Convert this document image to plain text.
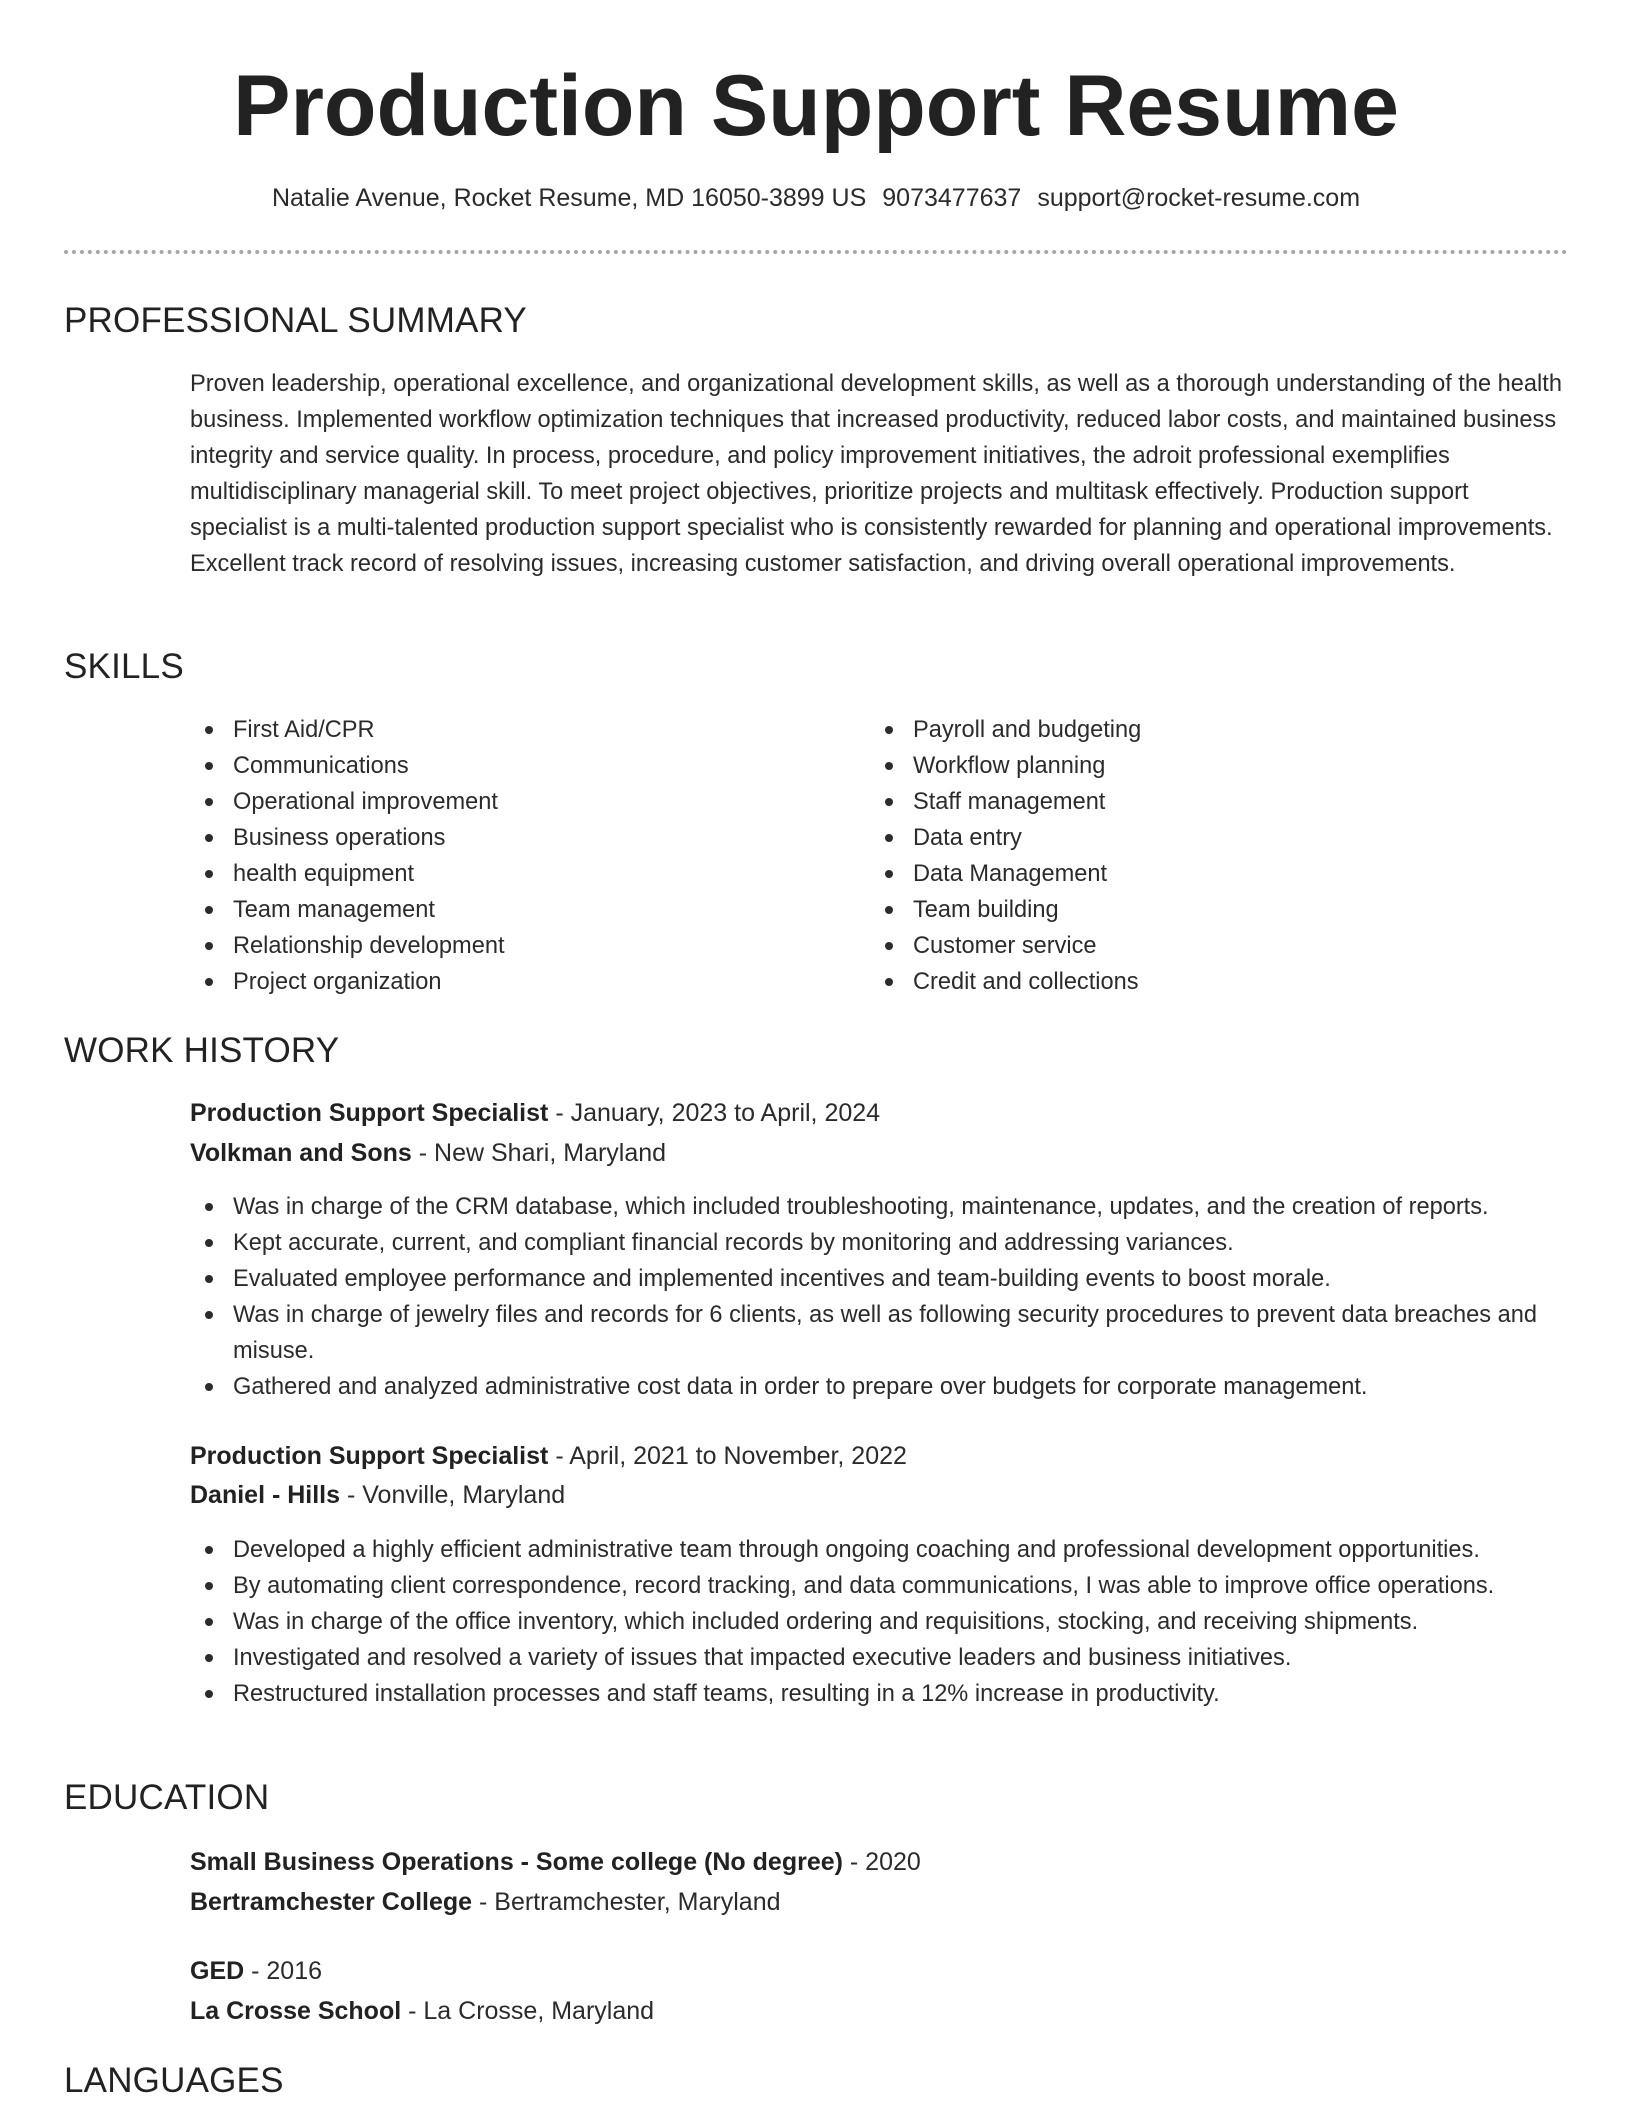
Production Support Resume
Natalie Avenue, Rocket Resume, MD 16050-3899 US 9073477637 support@rocket-resume.com
PROFESSIONAL SUMMARY

Proven leadership, operational excellence, and organizational development skills, as well as a thorough understanding of the health business. Implemented workflow optimization techniques that increased productivity, reduced labor costs, and maintained business integrity and service quality. In process, procedure, and policy improvement initiatives, the adroit professional exemplifies multidisciplinary managerial skill. To meet project objectives, prioritize projects and multitask effectively. Production support specialist is a multi-talented production support specialist who is consistently rewarded for planning and operational improvements. Excellent track record of resolving issues, increasing customer satisfaction, and driving overall operational improvements.

SKILLS
First Aid/CPR
Communications
Operational improvement
Business operations
health equipment
Team management
Relationship development
Project organization
Payroll and budgeting
Workflow planning
Staff management
Data entry
Data Management
Team building
Customer service
Credit and collections
WORK HISTORY
Production Support Specialist - January, 2023 to April, 2024
Volkman and Sons - New Shari, Maryland
Was in charge of the CRM database, which included troubleshooting, maintenance, updates, and the creation of reports.
Kept accurate, current, and compliant financial records by monitoring and addressing variances.
Evaluated employee performance and implemented incentives and team-building events to boost morale.
Was in charge of jewelry files and records for 6 clients, as well as following security procedures to prevent data breaches and misuse.
Gathered and analyzed administrative cost data in order to prepare over budgets for corporate management.
Production Support Specialist - April, 2021 to November, 2022
Daniel - Hills - Vonville, Maryland
Developed a highly efficient administrative team through ongoing coaching and professional development opportunities.
By automating client correspondence, record tracking, and data communications, I was able to improve office operations.
Was in charge of the office inventory, which included ordering and requisitions, stocking, and receiving shipments.
Investigated and resolved a variety of issues that impacted executive leaders and business initiatives.
Restructured installation processes and staff teams, resulting in a 12% increase in productivity.
EDUCATION
Small Business Operations - Some college (No degree) - 2020
Bertramchester College - Bertramchester, Maryland
GED - 2016
La Crosse School - La Crosse, Maryland
LANGUAGES
